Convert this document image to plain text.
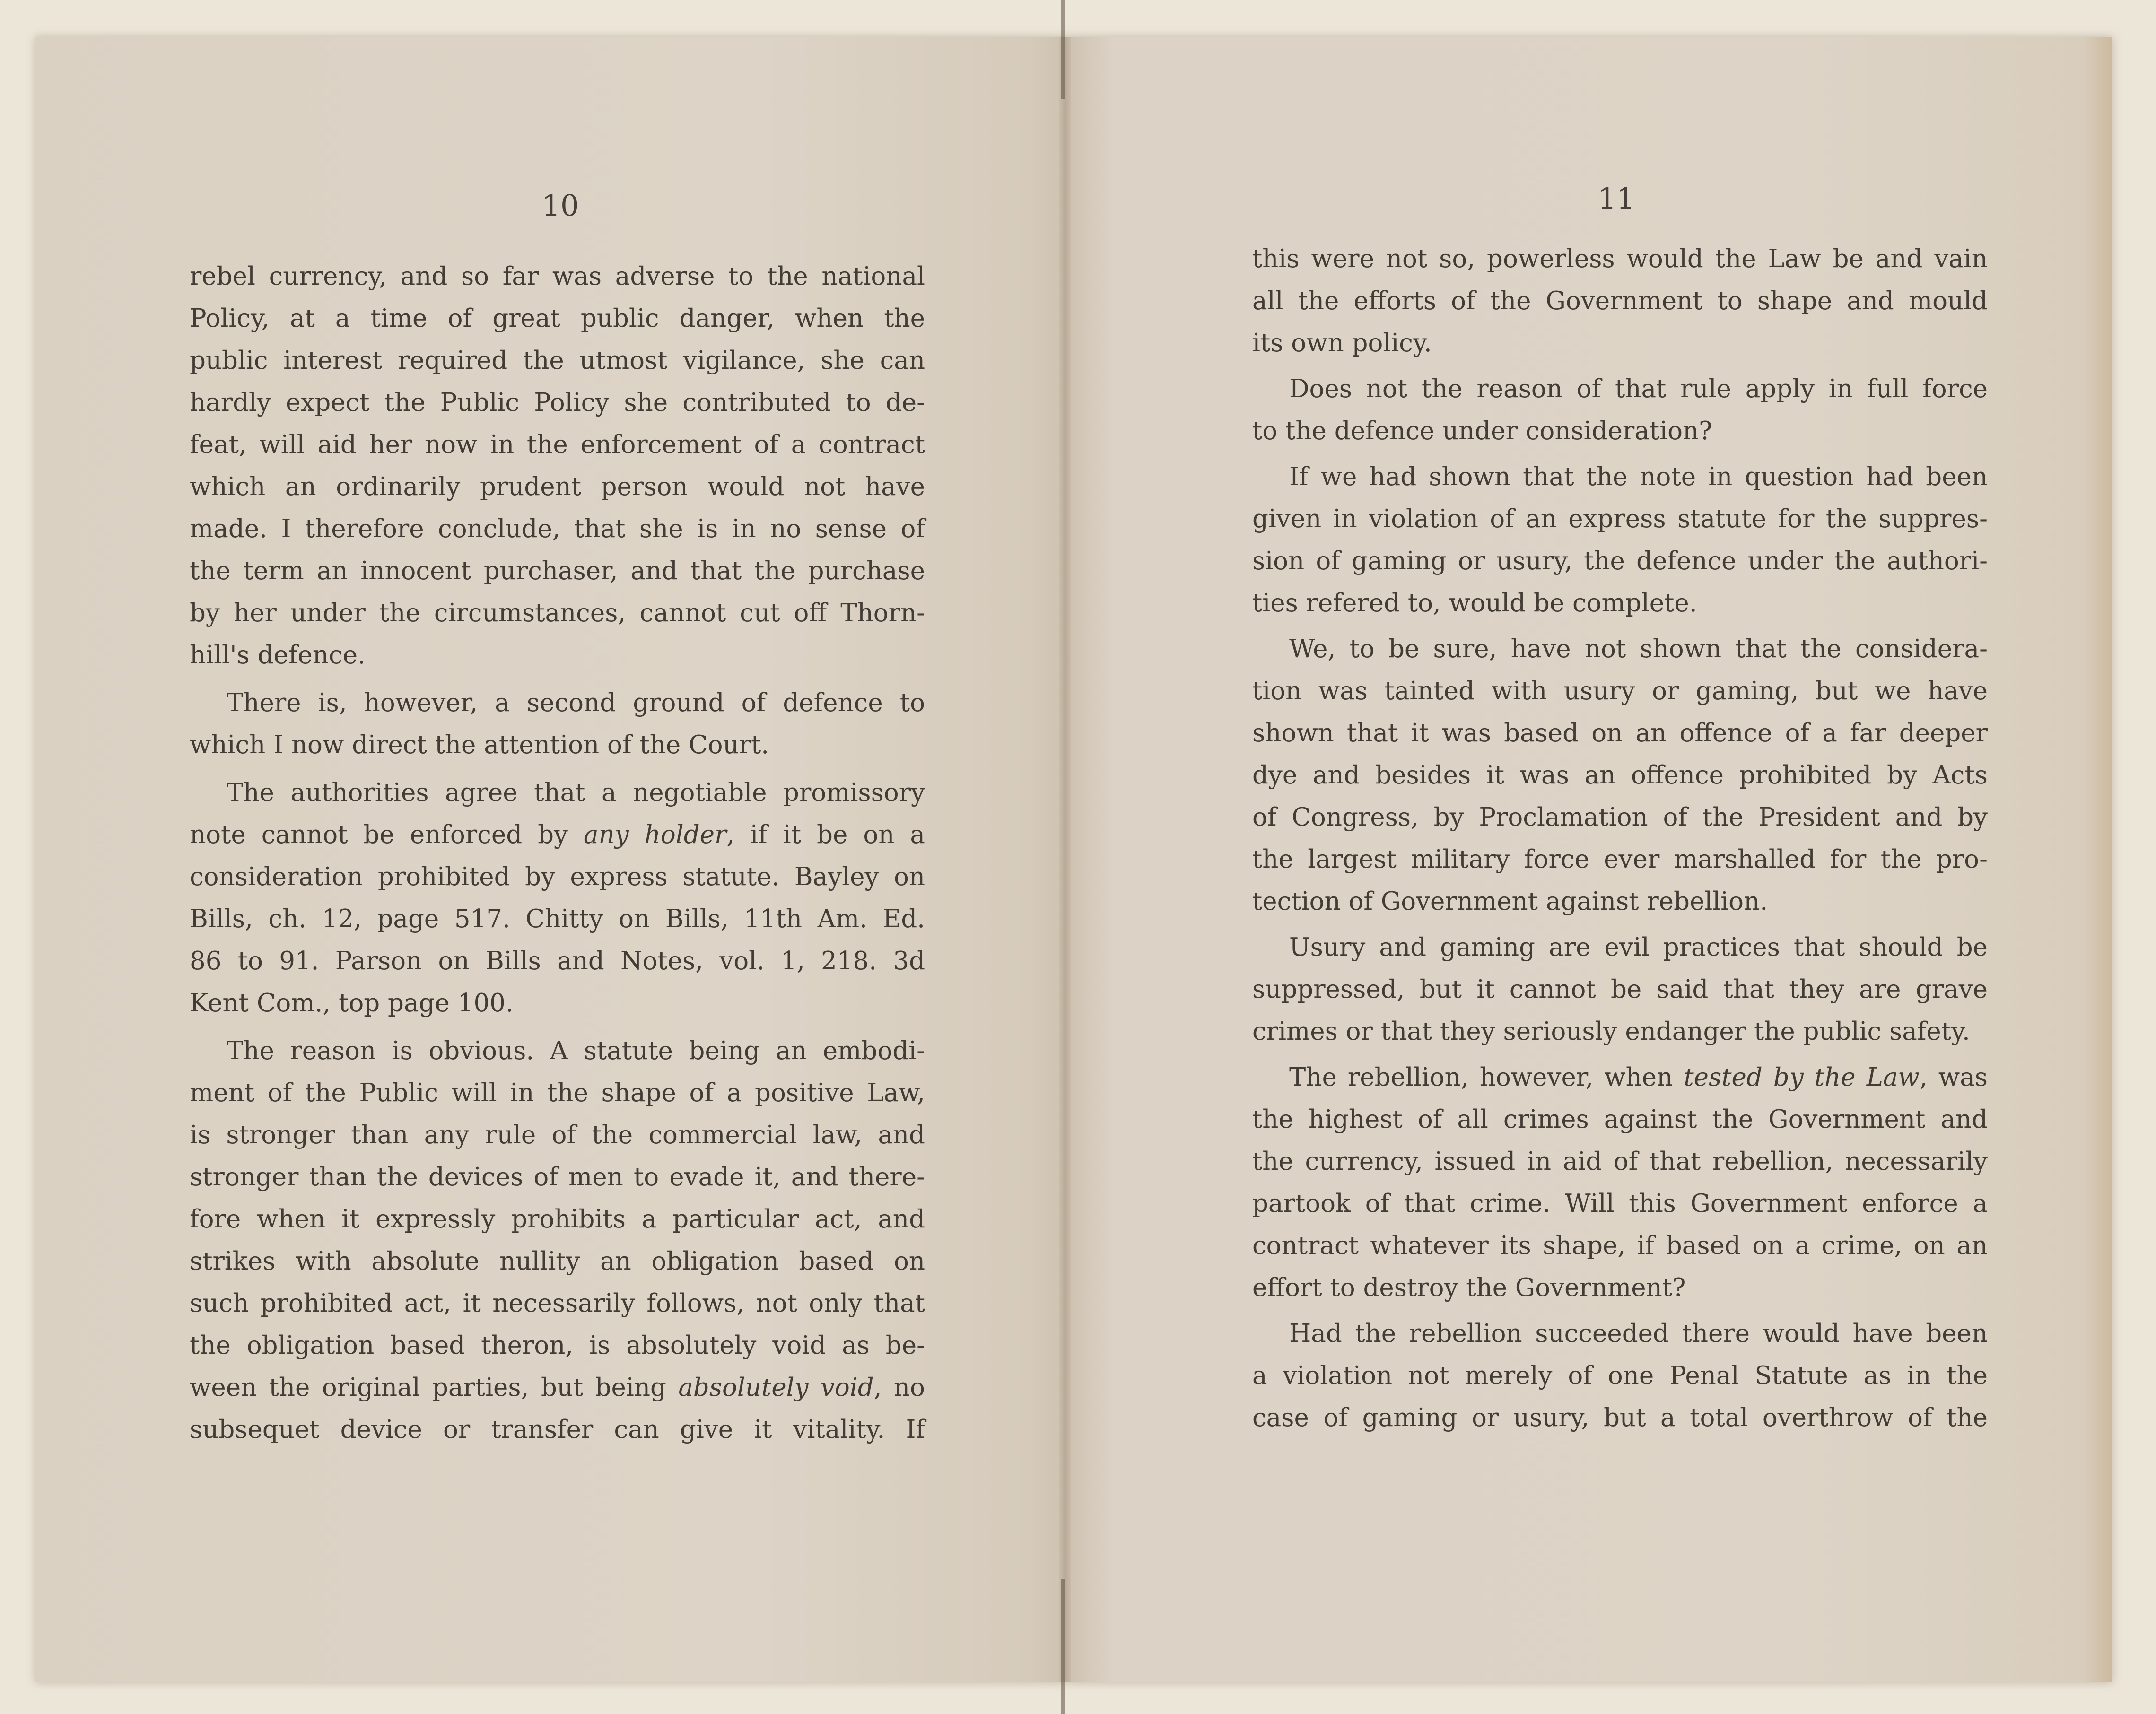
10
rebel currency, and so far was adverse to the national
Policy, at a time of great public danger, when the
public interest required the utmost vigilance, she can
hardly expect the Public Policy she contributed to de-
feat, will aid her now in the enforcement of a contract
which an ordinarily prudent person would not have
made. I therefore conclude, that she is in no sense of
the term an innocent purchaser, and that the purchase
by her under the circumstances, cannot cut off Thorn-
hill's defence.
There is, however, a second ground of defence to
which I now direct the attention of the Court.
The authorities agree that a negotiable promissory
note cannot be enforced by any holder, if it be on a
consideration prohibited by express statute. Bayley on
Bills, ch. 12, page 517. Chitty on Bills, 11th Am. Ed.
86 to 91. Parson on Bills and Notes, vol. 1, 218. 3d
Kent Com., top page 100.
The reason is obvious. A statute being an embodi-
ment of the Public will in the shape of a positive Law,
is stronger than any rule of the commercial law, and
stronger than the devices of men to evade it, and there-
fore when it expressly prohibits a particular act, and
strikes with absolute nullity an obligation based on
such prohibited act, it necessarily follows, not only that
the obligation based theron, is absolutely void as be-
ween the original parties, but being absolutely void, no
subsequet device or transfer can give it vitality. If
11
this were not so, powerless would the Law be and vain
all the efforts of the Government to shape and mould
its own policy.
Does not the reason of that rule apply in full force
to the defence under consideration?
If we had shown that the note in question had been
given in violation of an express statute for the suppres-
sion of gaming or usury, the defence under the authori-
ties refered to, would be complete.
We, to be sure, have not shown that the considera-
tion was tainted with usury or gaming, but we have
shown that it was based on an offence of a far deeper
dye and besides it was an offence prohibited by Acts
of Congress, by Proclamation of the President and by
the largest military force ever marshalled for the pro-
tection of Government against rebellion.
Usury and gaming are evil practices that should be
suppressed, but it cannot be said that they are grave
crimes or that they seriously endanger the public safety.
The rebellion, however, when tested by the Law, was
the highest of all crimes against the Government and
the currency, issued in aid of that rebellion, necessarily
partook of that crime. Will this Government enforce a
contract whatever its shape, if based on a crime, on an
effort to destroy the Government?
Had the rebellion succeeded there would have been
a violation not merely of one Penal Statute as in the
case of gaming or usury, but a total overthrow of the
